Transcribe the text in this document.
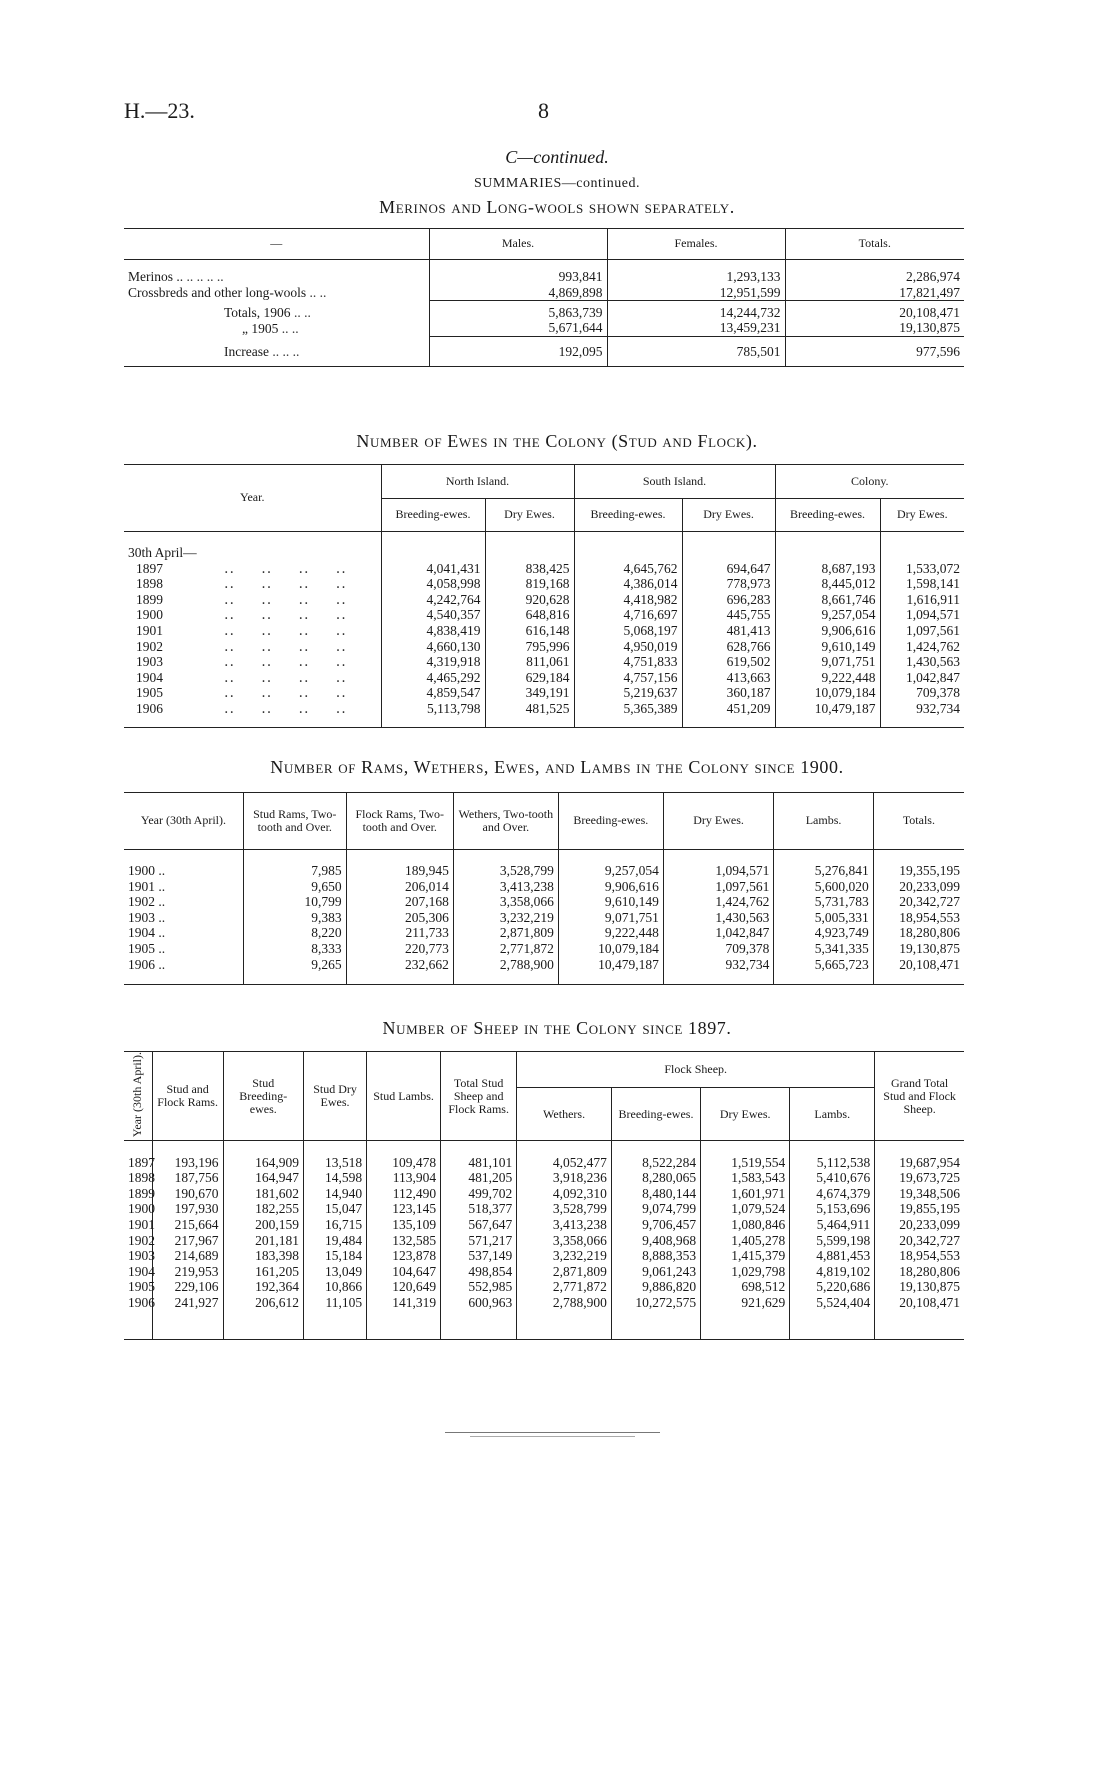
H.—23.	8
C—continued.
SUMMARIES—continued.
Merinos and Long-wools shown separately.
—	Males.	Females.	Totals.

Merinos .. .. .. .. ..	993,841	1,293,133	2,286,974
Crossbreds and other long-wools .. ..	4,869,898	12,951,599	17,821,497

Totals, 1906 .. ..	5,863,739	14,244,732	20,108,471
„ 1905 .. ..	5,671,644	13,459,231	19,130,875
Increase .. .. ..	192,095	785,501	977,596
Number of Ewes in the Colony (Stud and Flock).
Year.	North Island.		South Island.		Colony.	
	Breeding-ewes.	Dry Ewes.	Breeding-ewes.	Dry Ewes.	Breeding-ewes.	Dry Ewes.

30th April—						
1897 ․․      ․․      ․․      ․․	4,041,431	838,425	4,645,762	694,647	8,687,193	1,533,072
1898 ․․      ․․      ․․      ․․	4,058,998	819,168	4,386,014	778,973	8,445,012	1,598,141
1899 ․․      ․․      ․․      ․․	4,242,764	920,628	4,418,982	696,283	8,661,746	1,616,911
1900 ․․      ․․      ․․      ․․	4,540,357	648,816	4,716,697	445,755	9,257,054	1,094,571
1901 ․․      ․․      ․․      ․․	4,838,419	616,148	5,068,197	481,413	9,906,616	1,097,561
1902 ․․      ․․      ․․      ․․	4,660,130	795,996	4,950,019	628,766	9,610,149	1,424,762
1903 ․․      ․․      ․․      ․․	4,319,918	811,061	4,751,833	619,502	9,071,751	1,430,563
1904 ․․      ․․      ․․      ․․	4,465,292	629,184	4,757,156	413,663	9,222,448	1,042,847
1905 ․․      ․․      ․․      ․․	4,859,547	349,191	5,219,637	360,187	10,079,184	709,378
1906 ․․      ․․      ․․      ․․	5,113,798	481,525	5,365,389	451,209	10,479,187	932,734

Number of Rams, Wethers, Ewes, and Lambs in the Colony since 1900.
Year (30th April).	Stud Rams, Two-tooth and Over.	Flock Rams, Two-tooth and Over.	Wethers, Two-tooth and Over.	Breeding-ewes.	Dry Ewes.	Lambs.	Totals.

1900 ..	7,985	189,945	3,528,799	9,257,054	1,094,571	5,276,841	19,355,195
1901 ..	9,650	206,014	3,413,238	9,906,616	1,097,561	5,600,020	20,233,099
1902 ..	10,799	207,168	3,358,066	9,610,149	1,424,762	5,731,783	20,342,727
1903 ..	9,383	205,306	3,232,219	9,071,751	1,430,563	5,005,331	18,954,553
1904 ..	8,220	211,733	2,871,809	9,222,448	1,042,847	4,923,749	18,280,806
1905 ..	8,333	220,773	2,771,872	10,079,184	709,378	5,341,335	19,130,875
1906 ..	9,265	232,662	2,788,900	10,479,187	932,734	5,665,723	20,108,471

Number of Sheep in the Colony since 1897.
Year (30th April).	Stud and Flock Rams.	Stud Breeding-ewes.	Stud Dry Ewes.	Stud Lambs.	Total Stud Sheep and Flock Rams.	Flock Sheep.				Grand Total Stud and Flock Sheep.
						Wethers.	Breeding-ewes.	Dry Ewes.	Lambs.	

1897	193,196	164,909	13,518	109,478	481,101	4,052,477	8,522,284	1,519,554	5,112,538	19,687,954
1898	187,756	164,947	14,598	113,904	481,205	3,918,236	8,280,065	1,583,543	5,410,676	19,673,725
1899	190,670	181,602	14,940	112,490	499,702	4,092,310	8,480,144	1,601,971	4,674,379	19,348,506
1900	197,930	182,255	15,047	123,145	518,377	3,528,799	9,074,799	1,079,524	5,153,696	19,855,195
1901	215,664	200,159	16,715	135,109	567,647	3,413,238	9,706,457	1,080,846	5,464,911	20,233,099
1902	217,967	201,181	19,484	132,585	571,217	3,358,066	9,408,968	1,405,278	5,599,198	20,342,727
1903	214,689	183,398	15,184	123,878	537,149	3,232,219	8,888,353	1,415,379	4,881,453	18,954,553
1904	219,953	161,205	13,049	104,647	498,854	2,871,809	9,061,243	1,029,798	4,819,102	18,280,806
1905	229,106	192,364	10,866	120,649	552,985	2,771,872	9,886,820	698,512	5,220,686	19,130,875
1906	241,927	206,612	11,105	141,319	600,963	2,788,900	10,272,575	921,629	5,524,404	20,108,471
